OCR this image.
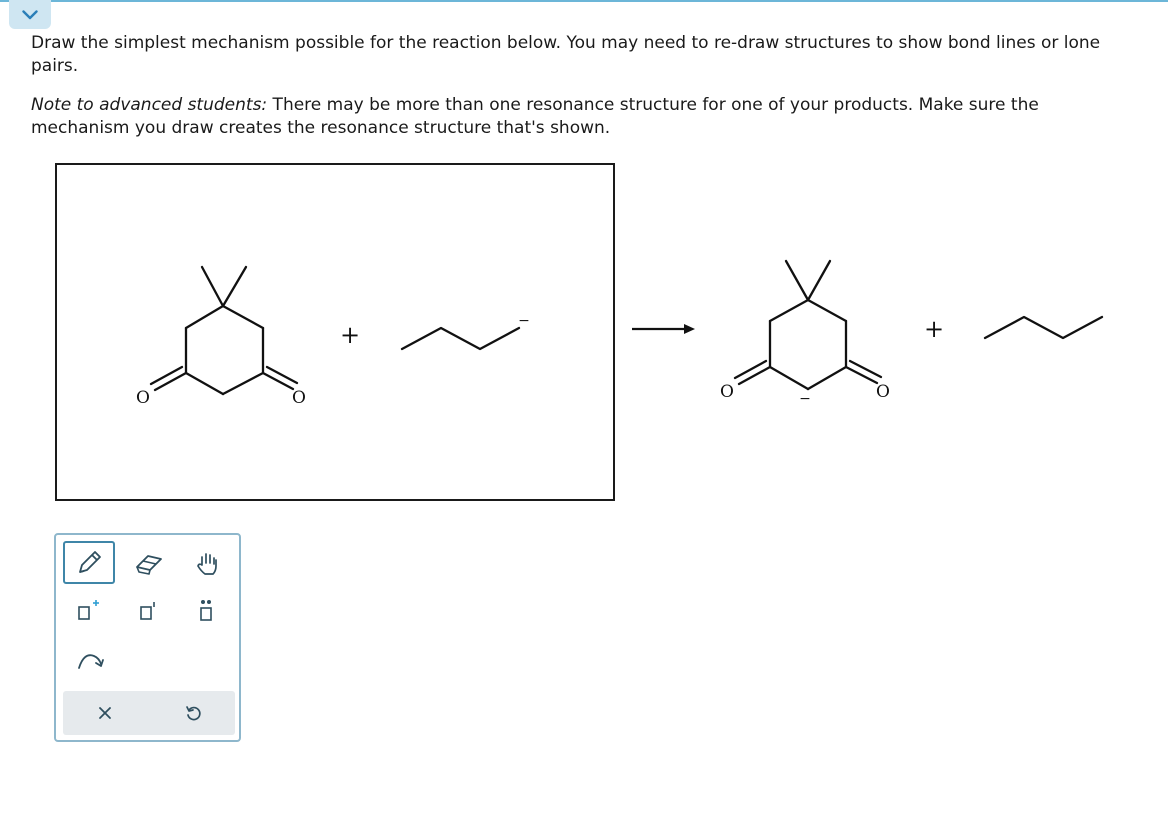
Draw the simplest mechanism possible for the reaction below. You may need to re-draw structures to show bond lines or lone pairs.

Note to advanced students: There may be more than one resonance structure for one of your products. Make sure the mechanism you draw creates the resonance structure that's shown.

O	O
+	−
O	O
−
+
